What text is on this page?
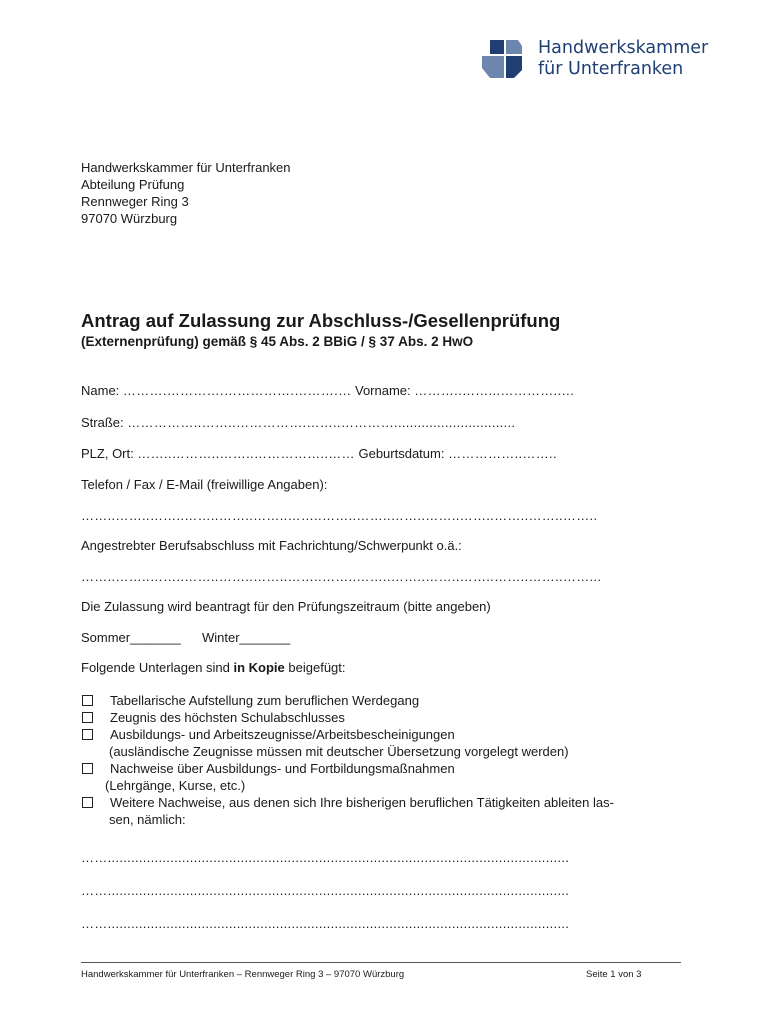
Handwerkskammer
für Unterfranken
Handwerkskammer für Unterfranken
Abteilung Prüfung
Rennweger Ring 3
97070 Würzburg
Antrag auf Zulassung zur Abschluss-/Gesellenprüfung
(Externenprüfung) gemäß § 45 Abs. 2 BBiG / § 37 Abs. 2 HwO
Name: ……….………….…………….……….… Vorname: ………..……...…………..…
Straße: ……………..……..…………….……..…………...............................
PLZ, Ort: ……..………..……..……………..…… Geburtsdatum: ……………..……..
Telefon / Fax / E-Mail (freiwillige Angaben):
……..……..……..……..……..……..……..……..……..……..……..……..……..……..……..
Angestrebter Berufsabschluss mit Fachrichtung/Schwerpunkt o.ä.:
……..……..……..……..……..……..……..……..……..……..……..……..……..……..……...
Die Zulassung wird beantragt für den Prüfungszeitraum (bitte angeben)
Sommer_______ Winter_______
Folgende Unterlagen sind in Kopie beigefügt:
Tabellarische Aufstellung zum beruflichen Werdegang
Zeugnis des höchsten Schulabschlusses
Ausbildungs- und Arbeitszeugnisse/Arbeitsbescheinigungen
(ausländische Zeugnisse müssen mit deutscher Übersetzung vorgelegt werden)
Nachweise über Ausbildungs- und Fortbildungsmaßnahmen
(Lehrgänge, Kurse, etc.)
Weitere Nachweise, aus denen sich Ihre bisherigen beruflichen Tätigkeiten ableiten las-
sen, nämlich:
……......................................................................................................................
……......................................................................................................................
……......................................................................................................................
Handwerkskammer für Unterfranken – Rennweger Ring 3 – 97070 Würzburg	Seite 1 von 3
